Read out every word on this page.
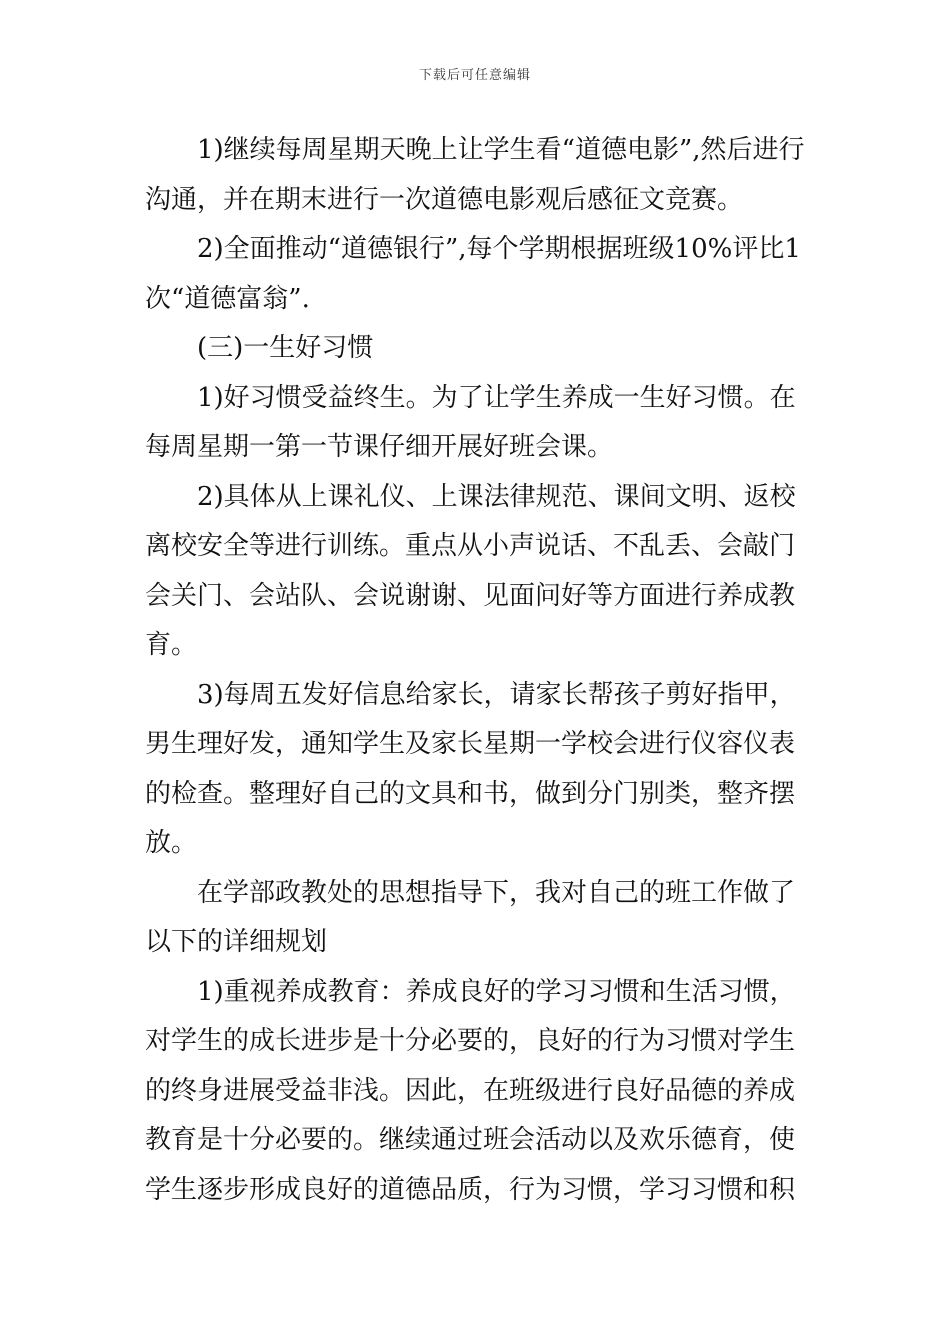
下载后可任意编辑

1)继续每周星期天晚上让学生看“道德电影”,然后进行沟通，并在期末进行一次道德电影观后感征文竞赛。

2)全面推动“道德银行”,每个学期根据班级10%评比1次“道德富翁”.

(三)一生好习惯

1)好习惯受益终生。为了让学生养成一生好习惯。在每周星期一第一节课仔细开展好班会课。

2)具体从上课礼仪、上课法律规范、课间文明、返校离校安全等进行训练。重点从小声说话、不乱丢、会敲门会关门、会站队、会说谢谢、见面问好等方面进行养成教育。

3)每周五发好信息给家长，请家长帮孩子剪好指甲，男生理好发，通知学生及家长星期一学校会进行仪容仪表的检查。整理好自己的文具和书，做到分门别类，整齐摆放。

在学部政教处的思想指导下，我对自己的班工作做了以下的详细规划

1)重视养成教育：养成良好的学习习惯和生活习惯，对学生的成长进步是十分必要的，良好的行为习惯对学生的终身进展受益非浅。因此，在班级进行良好品德的养成教育是十分必要的。继续通过班会活动以及欢乐德育，使学生逐步形成良好的道德品质，行为习惯，学习习惯和积
